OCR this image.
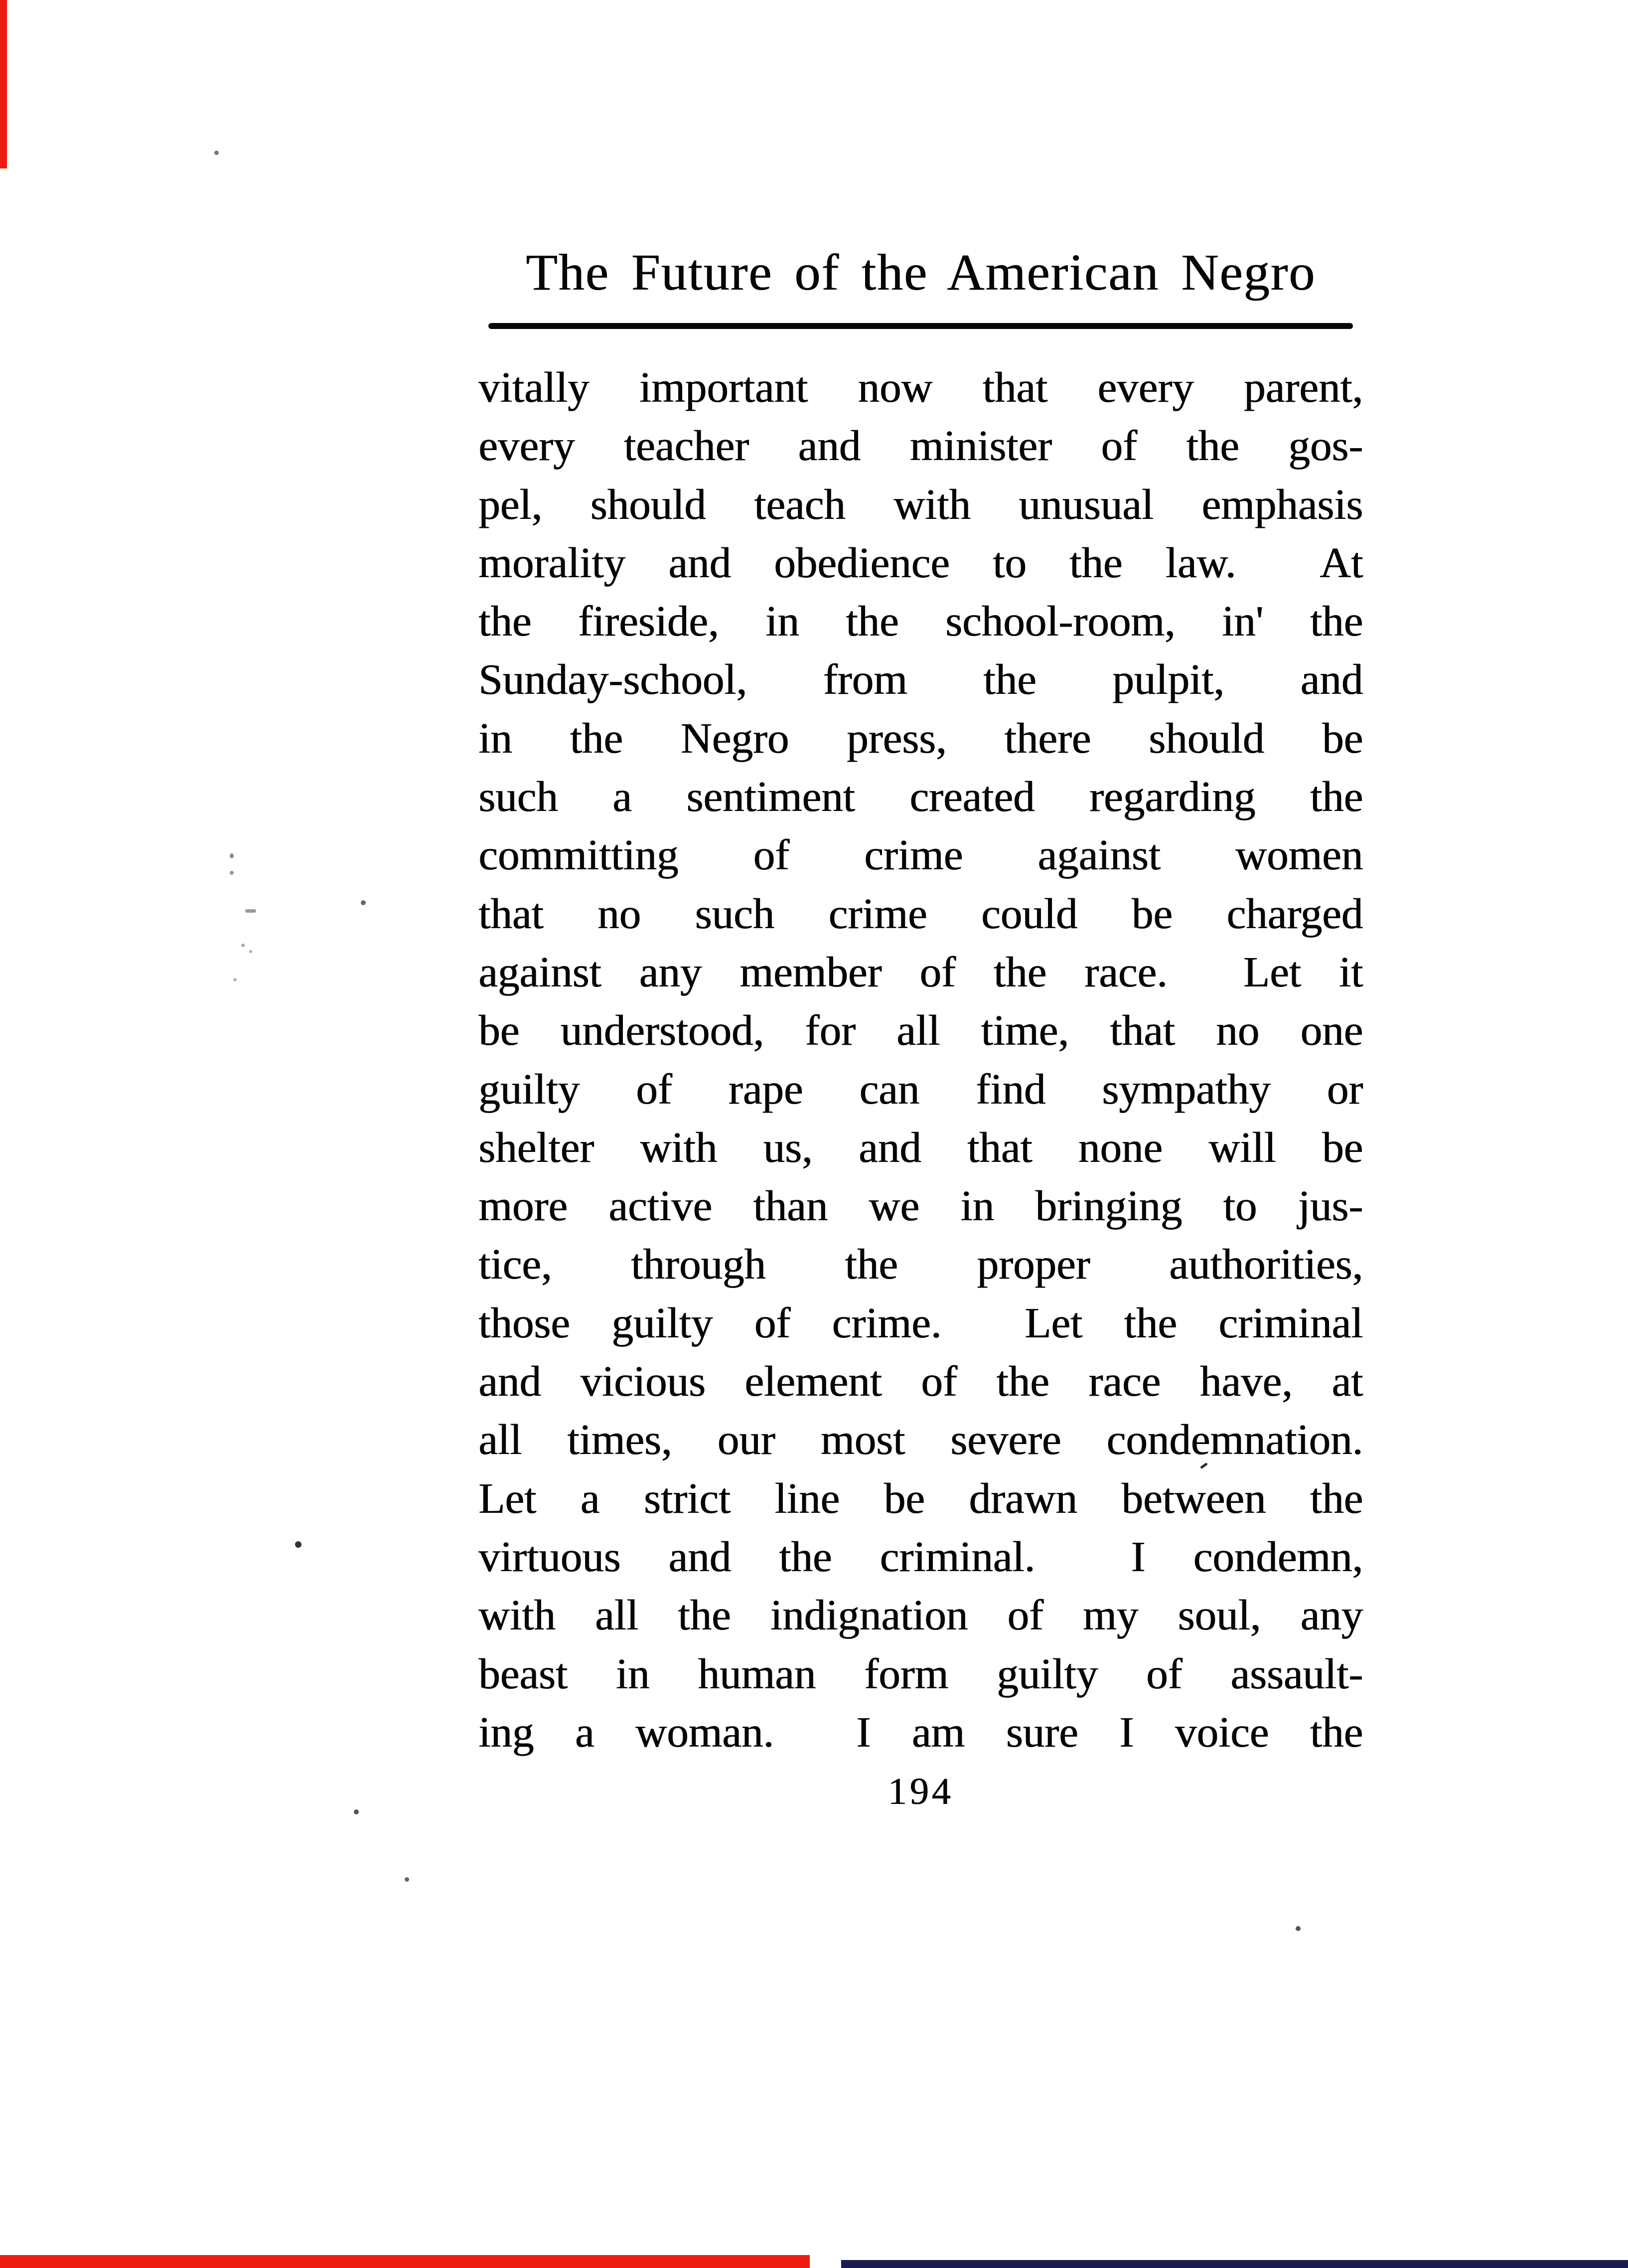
The Future of the American Negro
vitally important now that every parent,
every teacher and minister of the gos-
pel, should teach with unusual emphasis
morality and obedience to the law.  At
the fireside, in the school-room, in' the
Sunday-school, from the pulpit, and
in the Negro press, there should be
such a sentiment created regarding the
committing of crime against women
that no such crime could be charged
against any member of the race.  Let it
be understood, for all time, that no one
guilty of rape can find sympathy or
shelter with us, and that none will be
more active than we in bringing to jus-
tice, through the proper authorities,
those guilty of crime.  Let the criminal
and vicious element of the race have, at
all times, our most severe condemnation.
Let a strict line be drawn between the
virtuous and the criminal.  I condemn,
with all the indignation of my soul, any
beast in human form guilty of assault-
ing a woman.  I am sure I voice the
194
